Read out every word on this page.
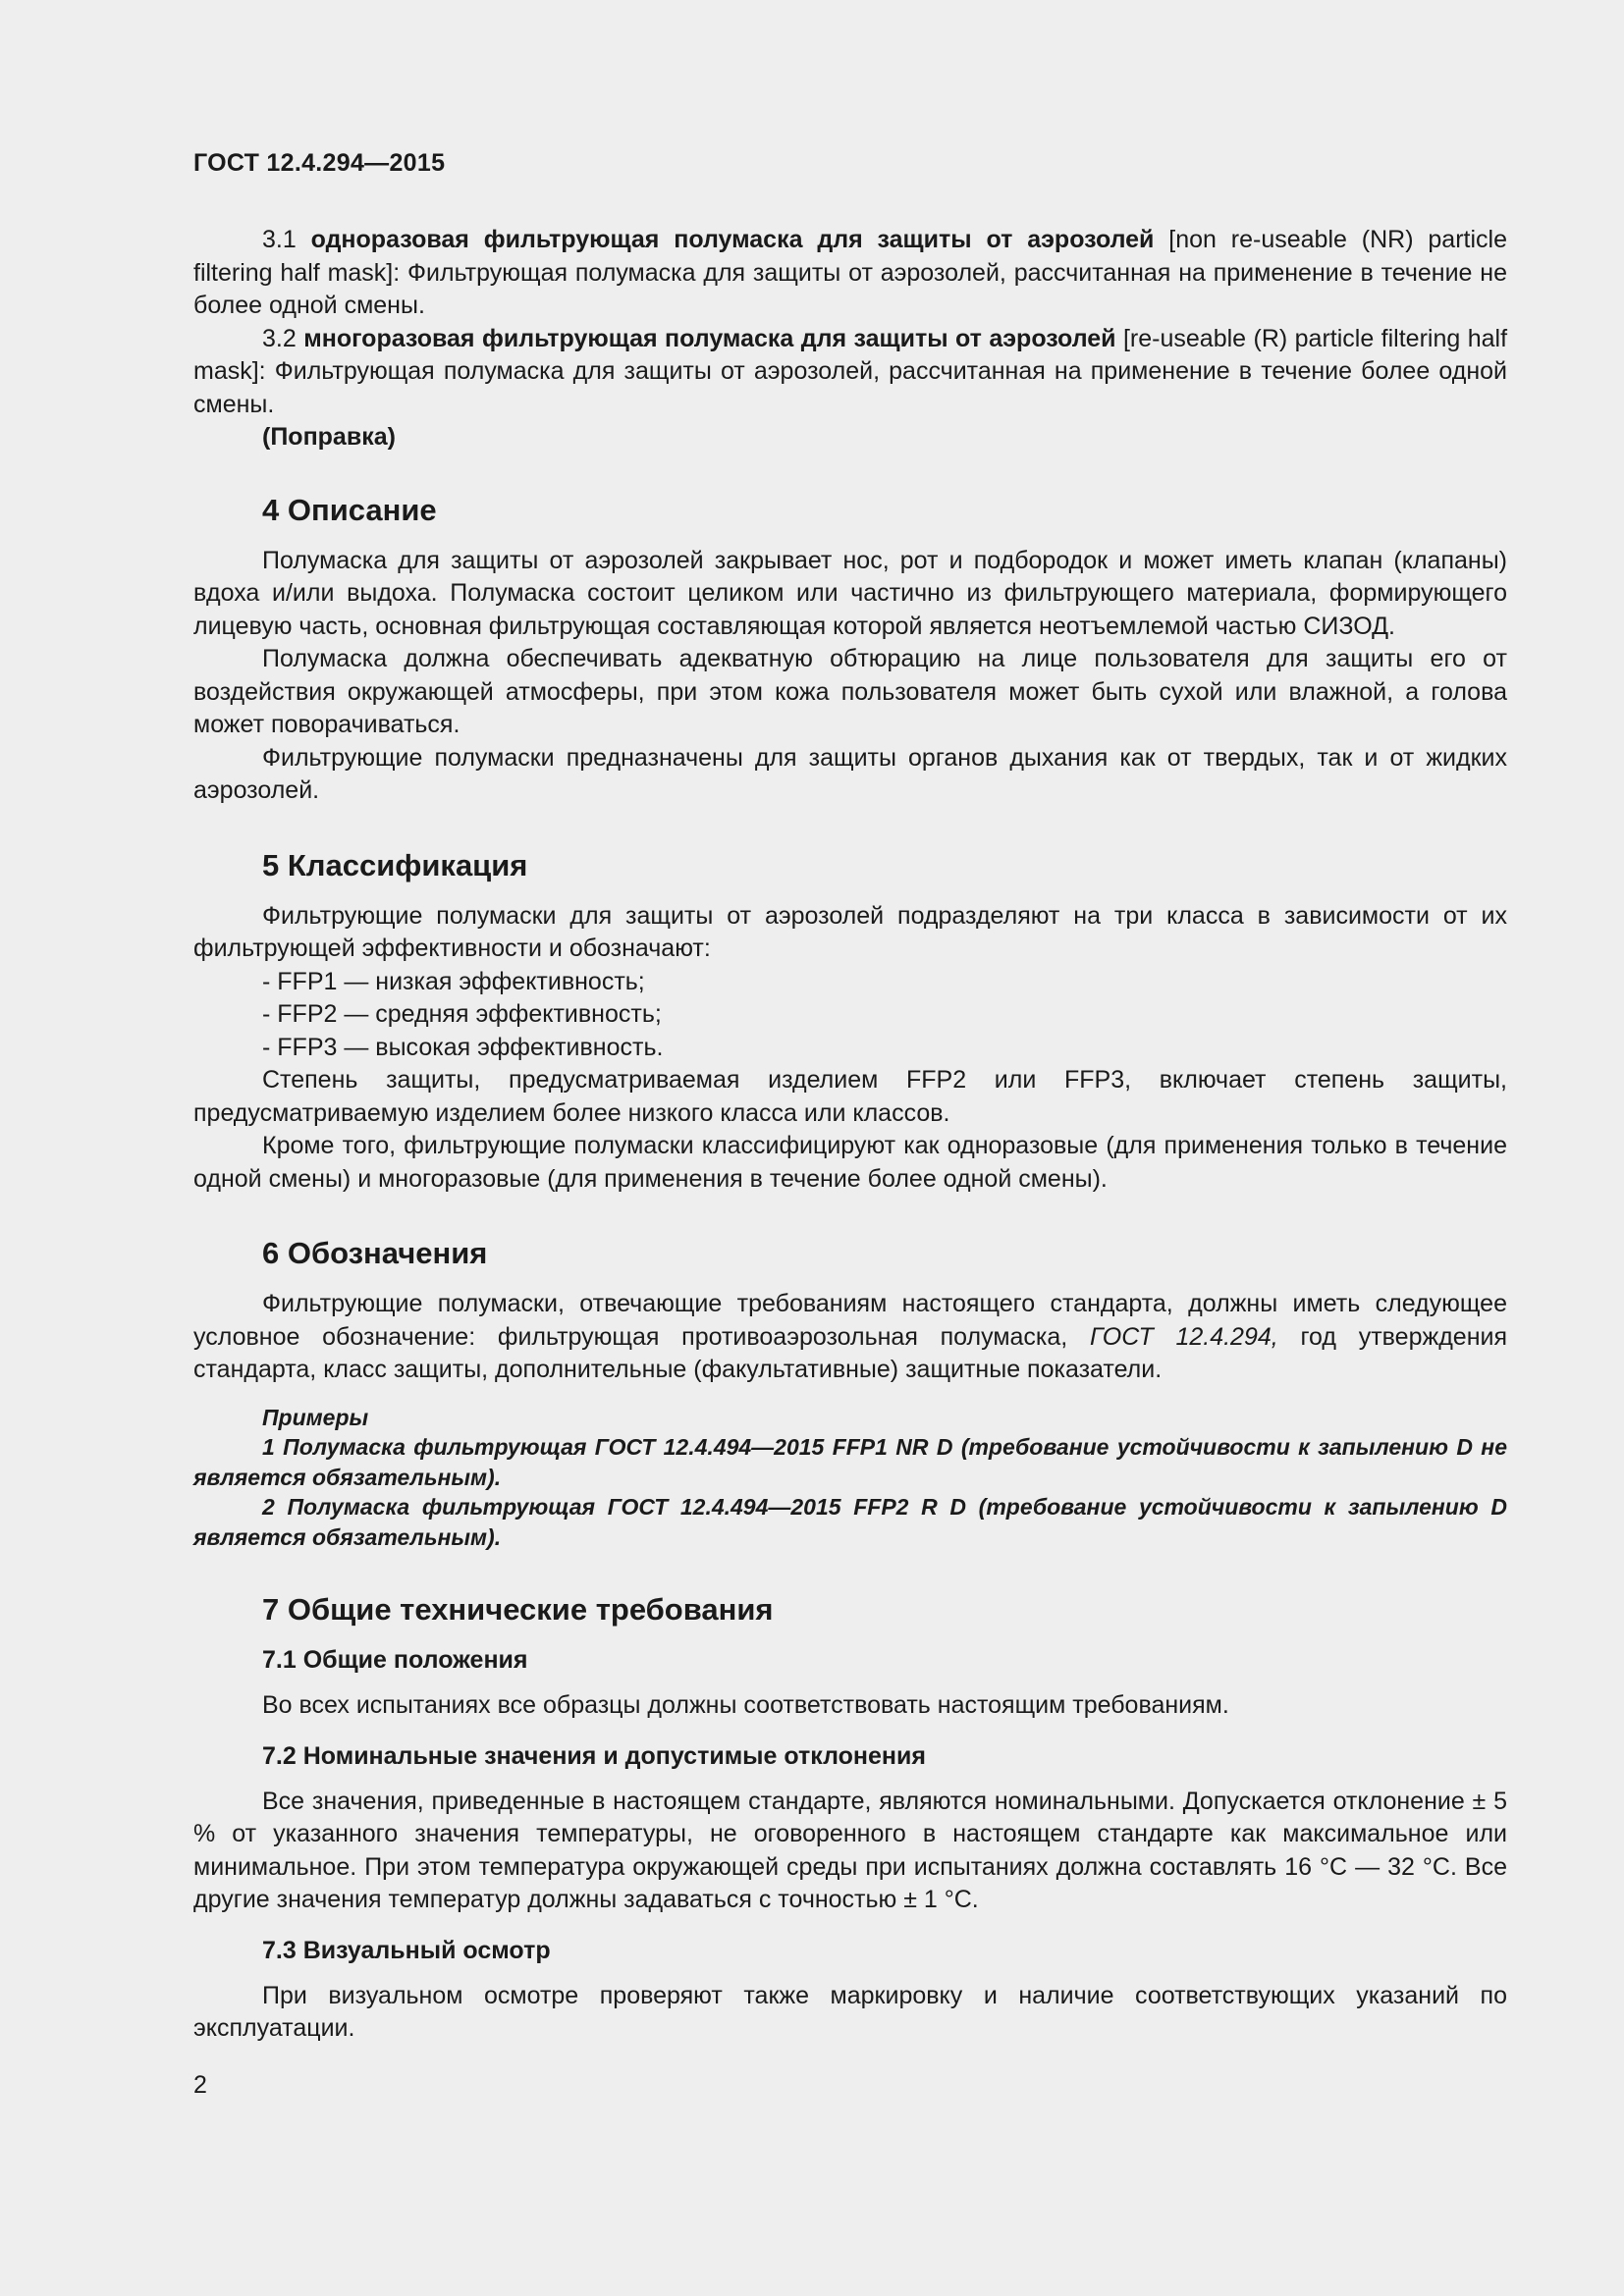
ГОСТ 12.4.294—2015

3.1 одноразовая фильтрующая полумаска для защиты от аэрозолей [non re-useable (NR) particle filtering half mask]: Фильтрующая полумаска для защиты от аэрозолей, рассчитанная на применение в течение не более одной смены.

3.2 многоразовая фильтрующая полумаска для защиты от аэрозолей [re-useable (R) particle filtering half mask]: Фильтрующая полумаска для защиты от аэрозолей, рассчитанная на применение в течение более одной смены.

(Поправка)

4 Описание

Полумаска для защиты от аэрозолей закрывает нос, рот и подбородок и может иметь клапан (клапаны) вдоха и/или выдоха. Полумаска состоит целиком или частично из фильтрующего материала, формирующего лицевую часть, основная фильтрующая составляющая которой является неотъемлемой частью СИЗОД.

Полумаска должна обеспечивать адекватную обтюрацию на лице пользователя для защиты его от воздействия окружающей атмосферы, при этом кожа пользователя может быть сухой или влажной, а голова может поворачиваться.

Фильтрующие полумаски предназначены для защиты органов дыхания как от твердых, так и от жидких аэрозолей.

5 Классификация

Фильтрующие полумаски для защиты от аэрозолей подразделяют на три класса в зависимости от их фильтрующей эффективности и обозначают:

- FFP1 — низкая эффективность;
- FFP2 — средняя эффективность;
- FFP3 — высокая эффективность.

Степень защиты, предусматриваемая изделием FFP2 или FFP3, включает степень защиты, предусматриваемую изделием более низкого класса или классов.

Кроме того, фильтрующие полумаски классифицируют как одноразовые (для применения только в течение одной смены) и многоразовые (для применения в течение более одной смены).

6 Обозначения

Фильтрующие полумаски, отвечающие требованиям настоящего стандарта, должны иметь следующее условное обозначение: фильтрующая противоаэрозольная полумаска, ГОСТ 12.4.294, год утверждения стандарта, класс защиты, дополнительные (факультативные) защитные показатели.

Примеры

1 Полумаска фильтрующая ГОСТ 12.4.494—2015 FFP1 NR D (требование устойчивости к запылению D не является обязательным).

2 Полумаска фильтрующая ГОСТ 12.4.494—2015 FFP2 R D (требование устойчивости к запылению D является обязательным).

7 Общие технические требования
7.1 Общие положения

Во всех испытаниях все образцы должны соответствовать настоящим требованиям.

7.2 Номинальные значения и допустимые отклонения

Все значения, приведенные в настоящем стандарте, являются номинальными. Допускается отклонение ± 5 % от указанного значения температуры, не оговоренного в настоящем стандарте как максимальное или минимальное. При этом температура окружающей среды при испытаниях должна составлять 16 °С — 32 °С. Все другие значения температур должны задаваться с точностью ± 1 °С.

7.3 Визуальный осмотр

При визуальном осмотре проверяют также маркировку и наличие соответствующих указаний по эксплуатации.

2
